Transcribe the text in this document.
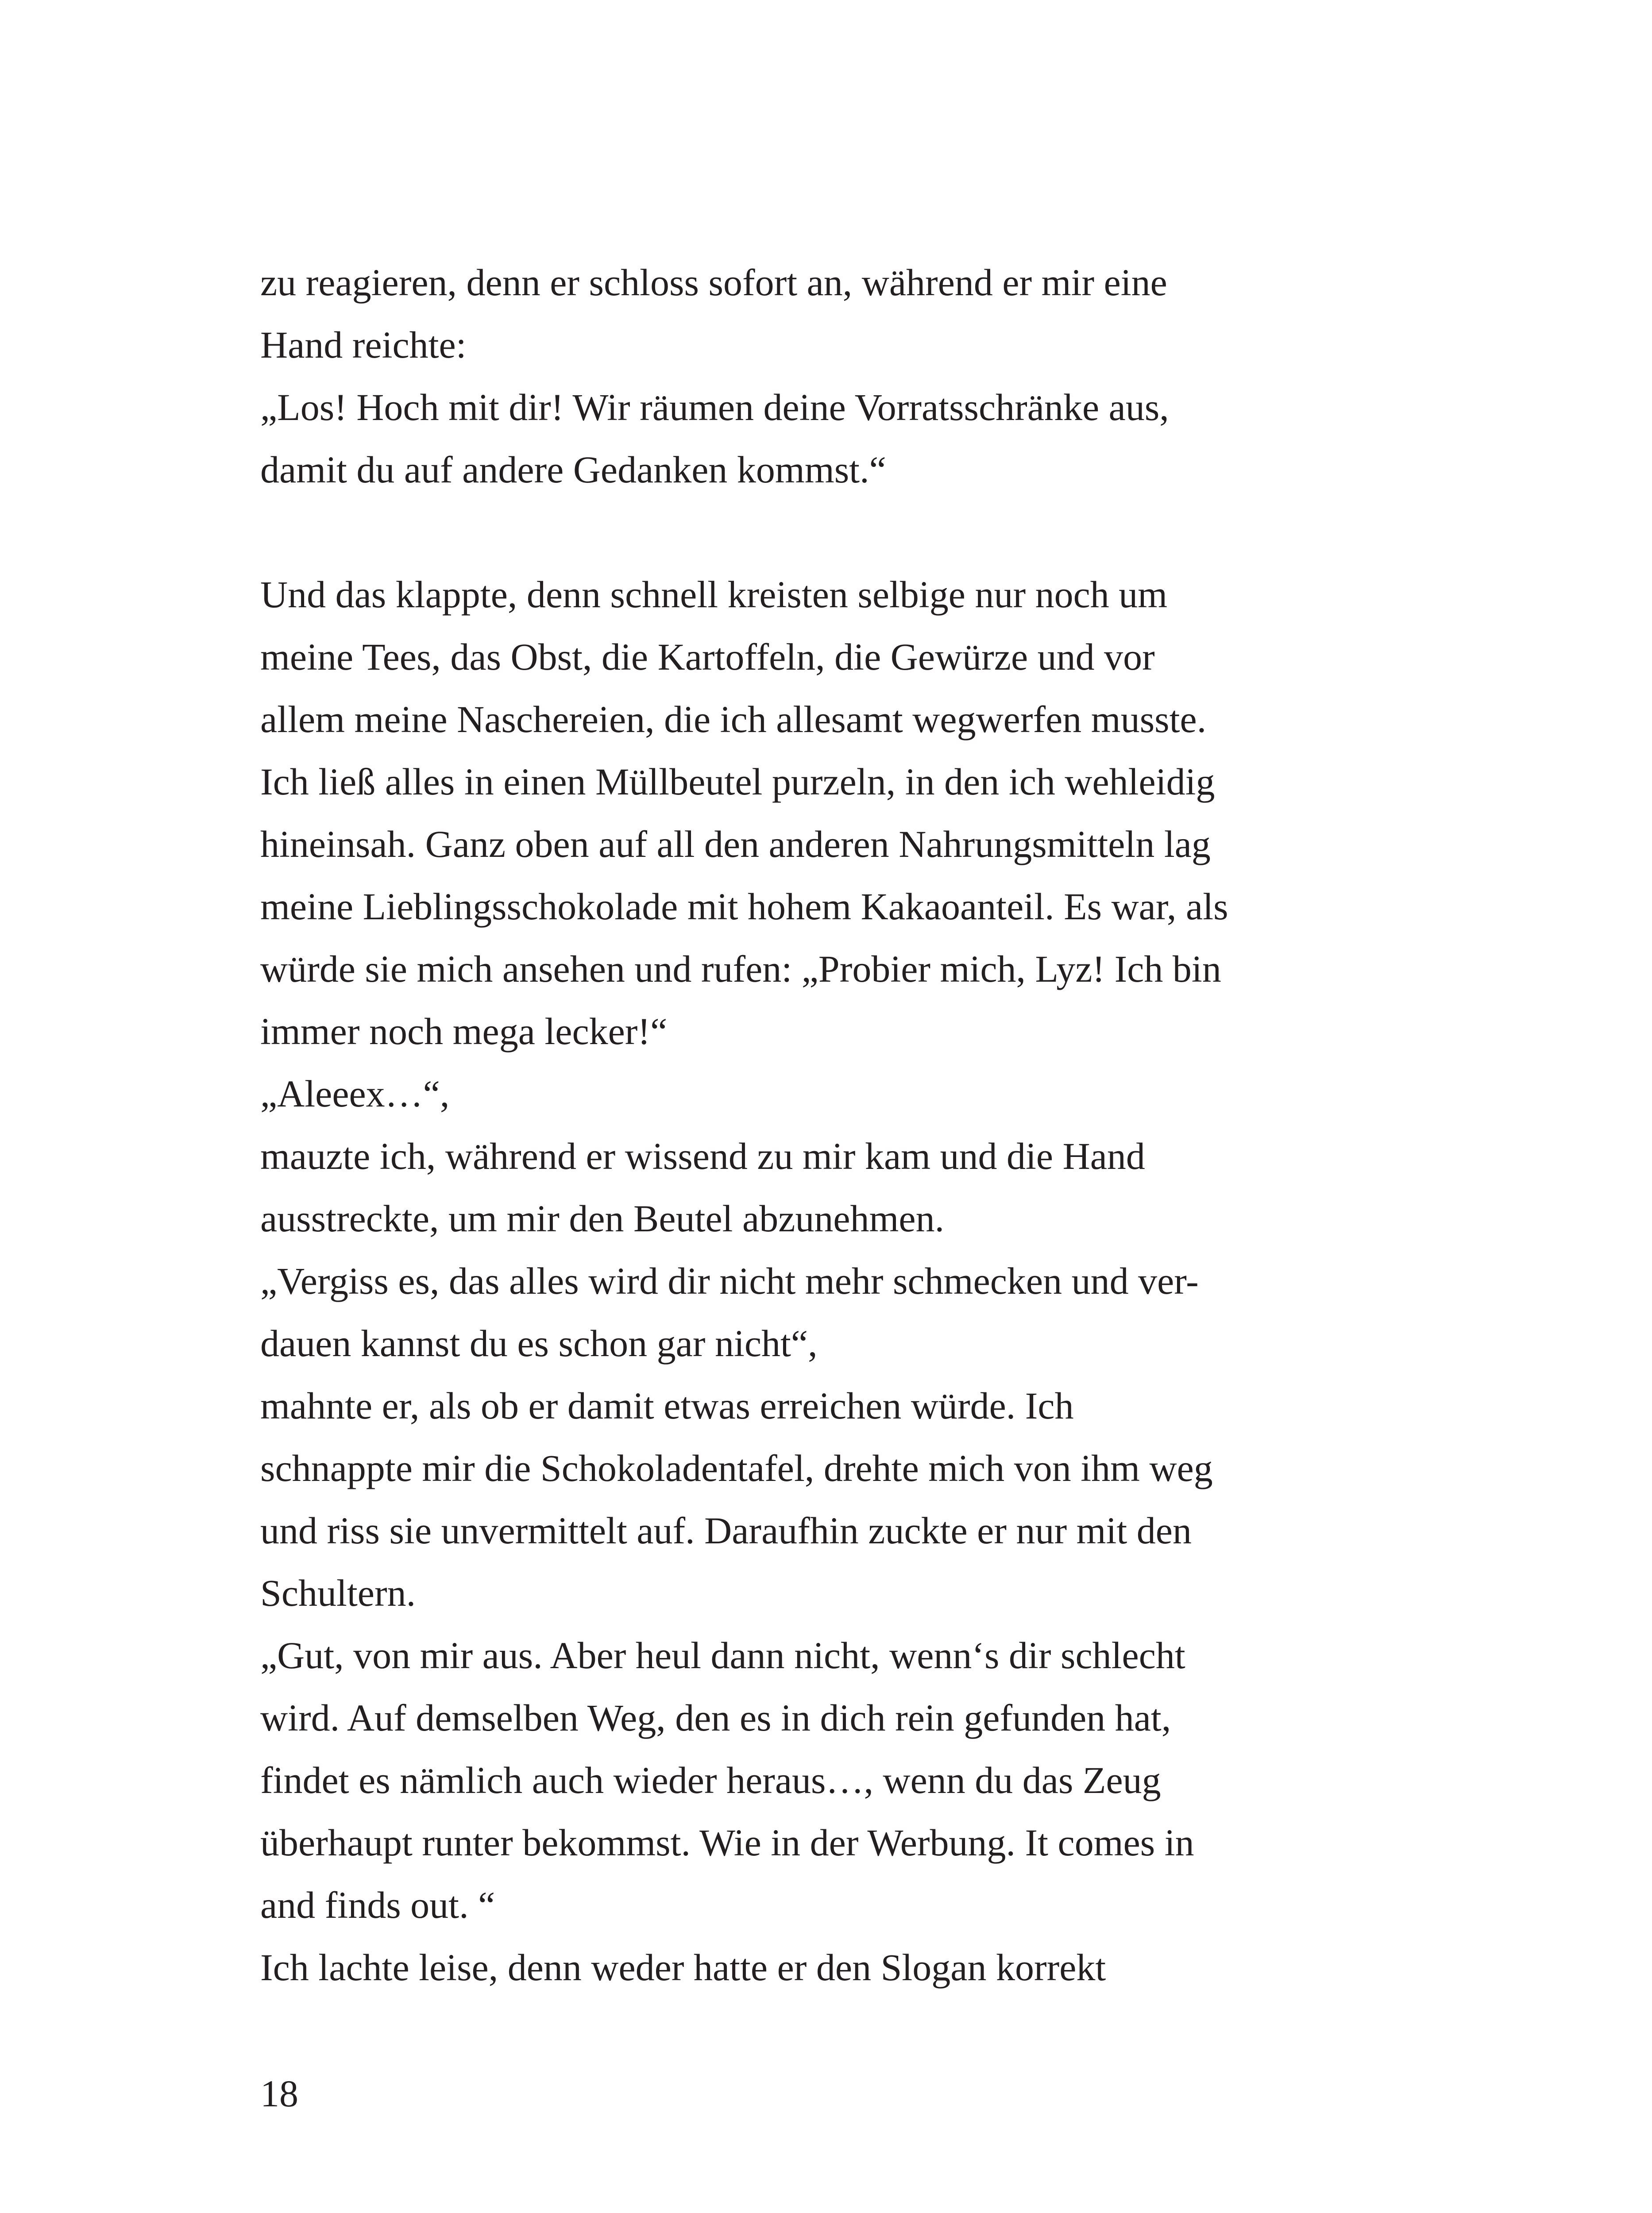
zu reagieren, denn er schloss sofort an, während er mir eine
Hand reichte:
„Los! Hoch mit dir! Wir räumen deine Vorratsschränke aus,
damit du auf andere Gedanken kommst.“
Und das klappte, denn schnell kreisten selbige nur noch um
meine Tees, das Obst, die Kartoffeln, die Gewürze und vor
allem meine Naschereien, die ich allesamt wegwerfen musste.
Ich ließ alles in einen Müllbeutel purzeln, in den ich wehleidig
hineinsah. Ganz oben auf all den anderen Nahrungsmitteln lag
meine Lieblingsschokolade mit hohem Kakaoanteil. Es war, als
würde sie mich ansehen und rufen: „Probier mich, Lyz! Ich bin
immer noch mega lecker!“
„Aleeex…“,
mauzte ich, während er wissend zu mir kam und die Hand
ausstreckte, um mir den Beutel abzunehmen.
„Vergiss es, das alles wird dir nicht mehr schmecken und ver-
dauen kannst du es schon gar nicht“,
mahnte er, als ob er damit etwas erreichen würde. Ich
schnappte mir die Schokoladentafel, drehte mich von ihm weg
und riss sie unvermittelt auf. Daraufhin zuckte er nur mit den
Schultern.
„Gut, von mir aus. Aber heul dann nicht, wenn‘s dir schlecht
wird. Auf demselben Weg, den es in dich rein gefunden hat,
findet es nämlich auch wieder heraus…, wenn du das Zeug
überhaupt runter bekommst. Wie in der Werbung. It comes in
and finds out. “
Ich lachte leise, denn weder hatte er den Slogan korrekt
18
